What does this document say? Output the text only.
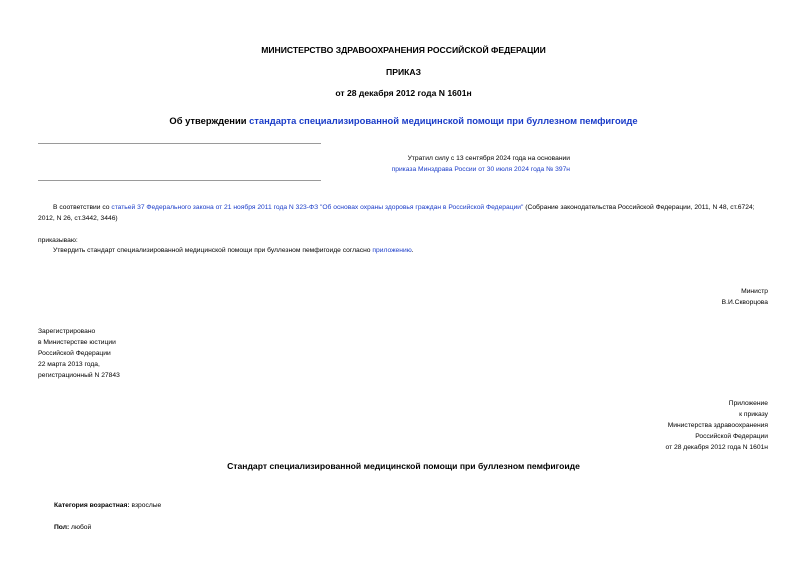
МИНИСТЕРСТВО ЗДРАВООХРАНЕНИЯ РОССИЙСКОЙ ФЕДЕРАЦИИ
ПРИКАЗ
от 28 декабря 2012 года N 1601н
Об утверждении стандарта специализированной медицинской помощи при буллезном пемфигоиде
Утратил силу с 13 сентября 2024 года на основании
приказа Минздрава России от 30 июля 2024 года № 397н
В соответствии со статьей 37 Федерального закона от 21 ноября 2011 года N 323-ФЗ "Об основах охраны здоровья граждан в Российской Федерации" (Собрание законодательства Российской Федерации, 2011, N 48, ст.6724; 2012, N 26, ст.3442, 3446)
приказываю:
Утвердить стандарт специализированной медицинской помощи при буллезном пемфигоиде согласно приложению.
Министр
В.И.Скворцова
Зарегистрировано
в Министерстве юстиции
Российской Федерации
22 марта 2013 года,
регистрационный N 27843
Приложение
к приказу
Министерства здравоохранения
Российской Федерации
от 28 декабря 2012 года N 1601н
Стандарт специализированной медицинской помощи при буллезном пемфигоиде
Категория возрастная: взрослые
Пол: любой
